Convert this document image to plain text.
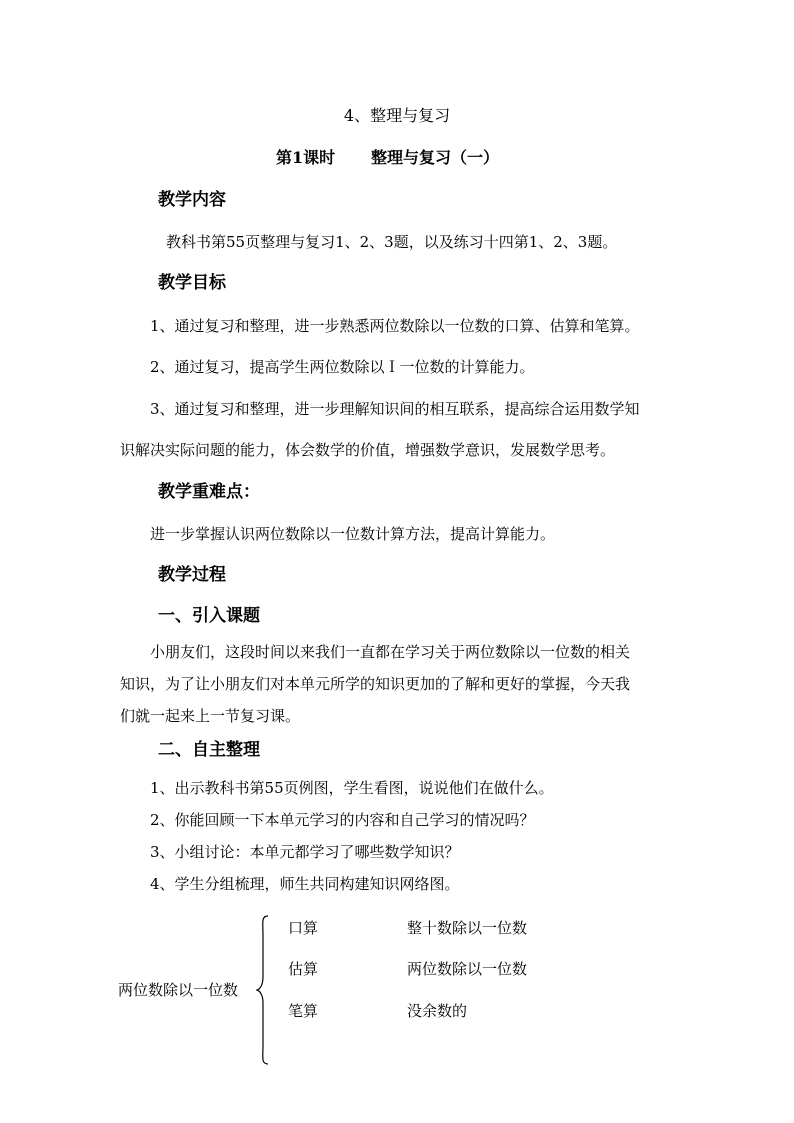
4、整理与复习
第1课时 整理与复习（一）
教学内容
教科书第55页整理与复习1、2、3题，以及练习十四第1、2、3题。
教学目标
1、通过复习和整理，进一步熟悉两位数除以一位数的口算、估算和笔算。
2、通过复习，提高学生两位数除以Ｉ一位数的计算能力。
3、通过复习和整理，进一步理解知识间的相互联系，提高综合运用数学知
识解决实际问题的能力，体会数学的价值，增强数学意识，发展数学思考。
教学重难点：
进一步掌握认识两位数除以一位数计算方法，提高计算能力。
教学过程
一、引入课题
小朋友们，这段时间以来我们一直都在学习关于两位数除以一位数的相关
知识，为了让小朋友们对本单元所学的知识更加的了解和更好的掌握，今天我
们就一起来上一节复习课。
二、自主整理
1、出示教科书第55页例图，学生看图，说说他们在做什么。
2、你能回顾一下本单元学习的内容和自己学习的情况吗？
3、小组讨论：本单元都学习了哪些数学知识？
4、学生分组梳理，师生共同构建知识网络图。
两位数除以一位数
口算
估算
笔算
整十数除以一位数
两位数除以一位数
没余数的
